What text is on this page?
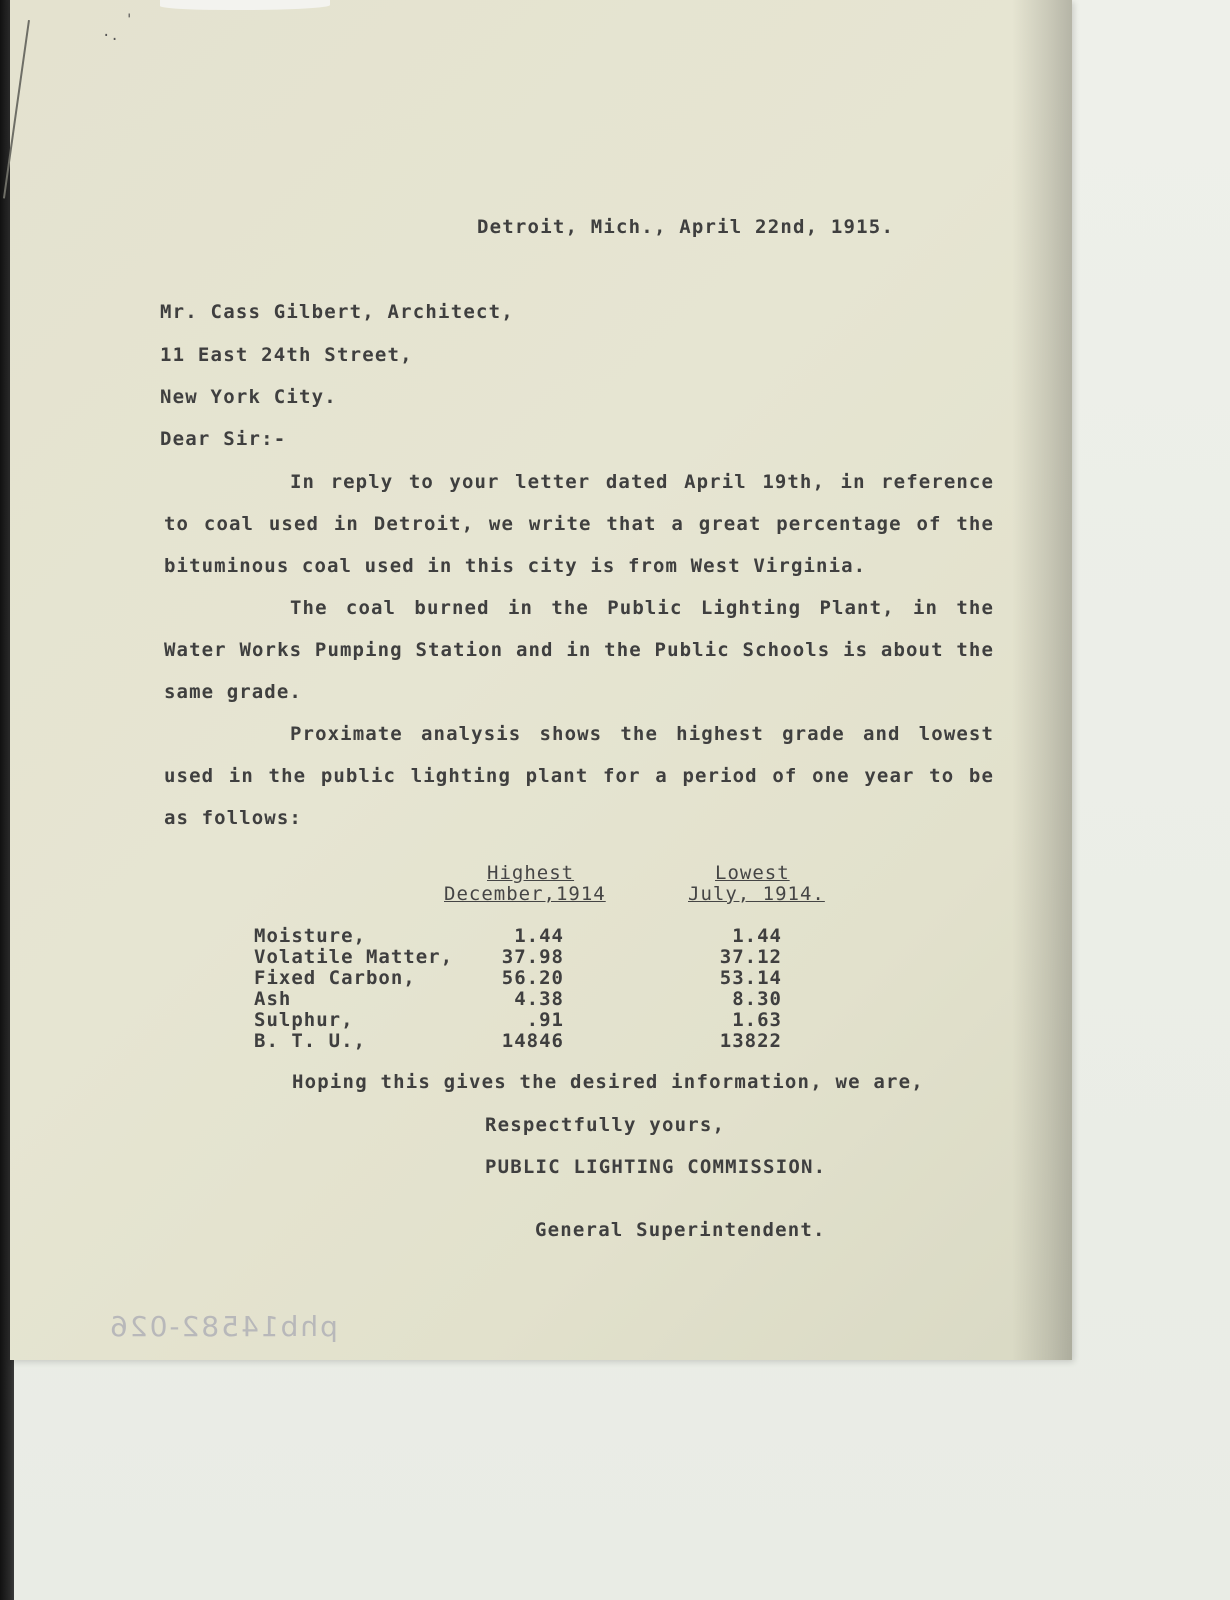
'
·.
Detroit, Mich., April 22nd, 1915.
Mr. Cass Gilbert, Architect,
11 East 24th Street,
New York City.
Dear Sir:-
In reply to your letter dated April 19th, in reference to coal used in Detroit, we write that a great percentage of the bituminous coal used in this city is from West Virginia.
The coal burned in the Public Lighting Plant, in the Water Works Pumping Station and in the Public Schools is about the same grade.
Proximate analysis shows the highest grade and lowest used in the public lighting plant for a period of one year to be as follows:
Highest
December,1914
Lowest
July, 1914.
Moisture,	1.44	1.44
Volatile Matter,	37.98	37.12
Fixed Carbon,	56.20	53.14
Ash	4.38	8.30
Sulphur,	.91	1.63
B. T. U.,	14846	13822
Hoping this gives the desired information, we are,
Respectfully yours,
PUBLIC LIGHTING COMMISSION.
General Superintendent.
phb14582-026
